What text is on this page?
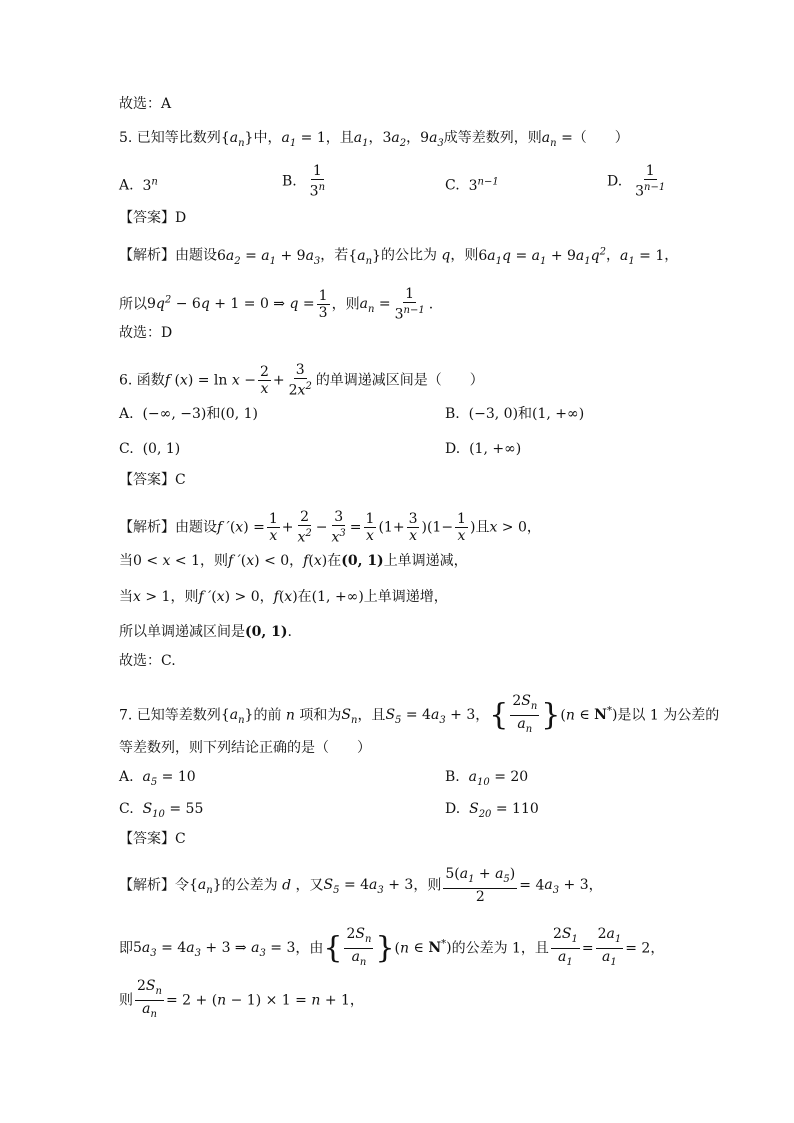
故选：A
5. 已知等比数列$\{a_n\}$中，$a_1 = 1$，且$a_1$，$3a_2$，$9a_3$成等差数列，则$a_n$ =（　　）
A. 3$^n$	B. $\frac{1}{3^n}$	C. $3^{n-1}$	D. $\frac{1}{3^{n-1}}$
【答案】D
【解析】由题设$6a_2 = a_1 + 9a_3$，若$\{a_n\}$的公比为 q，则$6a_1q = a_1 + 9a_1q^2$，$a_1 = 1$，
所以$9q^2 - 6q + 1 = 0$ ⇒ $q = \frac{1}{3}$ ，则$a_n = \frac{1}{3^{n-1}}$ .
故选：D
6. 函数f $(x) = \ln x - \frac{2}{x} + \frac{3}{2x^2}$ 的单调递减区间是（　　）
A. (−∞, −3)和(0, 1)	B. (−3, 0)和(1, +∞)
C. (0, 1)	D. (1, +∞)
【答案】C
【解析】由题设f $'(x) = \frac{1}{x} + \frac{2}{x^2} - \frac{3}{x^3} = \frac{1}{x} (1+ \frac{3}{x} )(1- \frac{1}{x}$ )且x > 0，
当0 < x < 1，则f ′(x) < 0，f(x)在(0, 1)上单调递减，
当x > 1，则f ′(x) > 0，f(x)在(1, +∞)上单调递增，
所以单调递减区间是(0, 1).
故选：C.
7. 已知等差数列$\{a_n\}$的前 n 项和为$S_n$，且$S_5 = 4a_3 + 3$，{ $\frac{2S_n}{a_n} \}(n$ ∈ N*)是以 1 为公差的
等差数列，则下列结论正确的是（　　）
A. $a_5 = 10$	B. $a_{10} = 20$
C. $S_{10} = 55$	D. $S_{20} = 110$
【答案】C
【解析】令$\{a_n\}$的公差为 d ，又$S_5 = 4a_3 + 3$，则 $\frac{5(a_1 + a_5)}{2} = 4a_3 + 3$，
即$5a_3 = 4a_3 + 3$ ⇒ $a_3 = 3$，由{ $\frac{2S_n}{a_n} \}(n$ ∈ N*)的公差为 1，且 $\frac{2S_1}{a_1} = \frac{2a_1}{a_1} = 2$，
则 $\frac{2S_n}{a_n} = 2 + (n - 1) \times 1 = n + 1$，
